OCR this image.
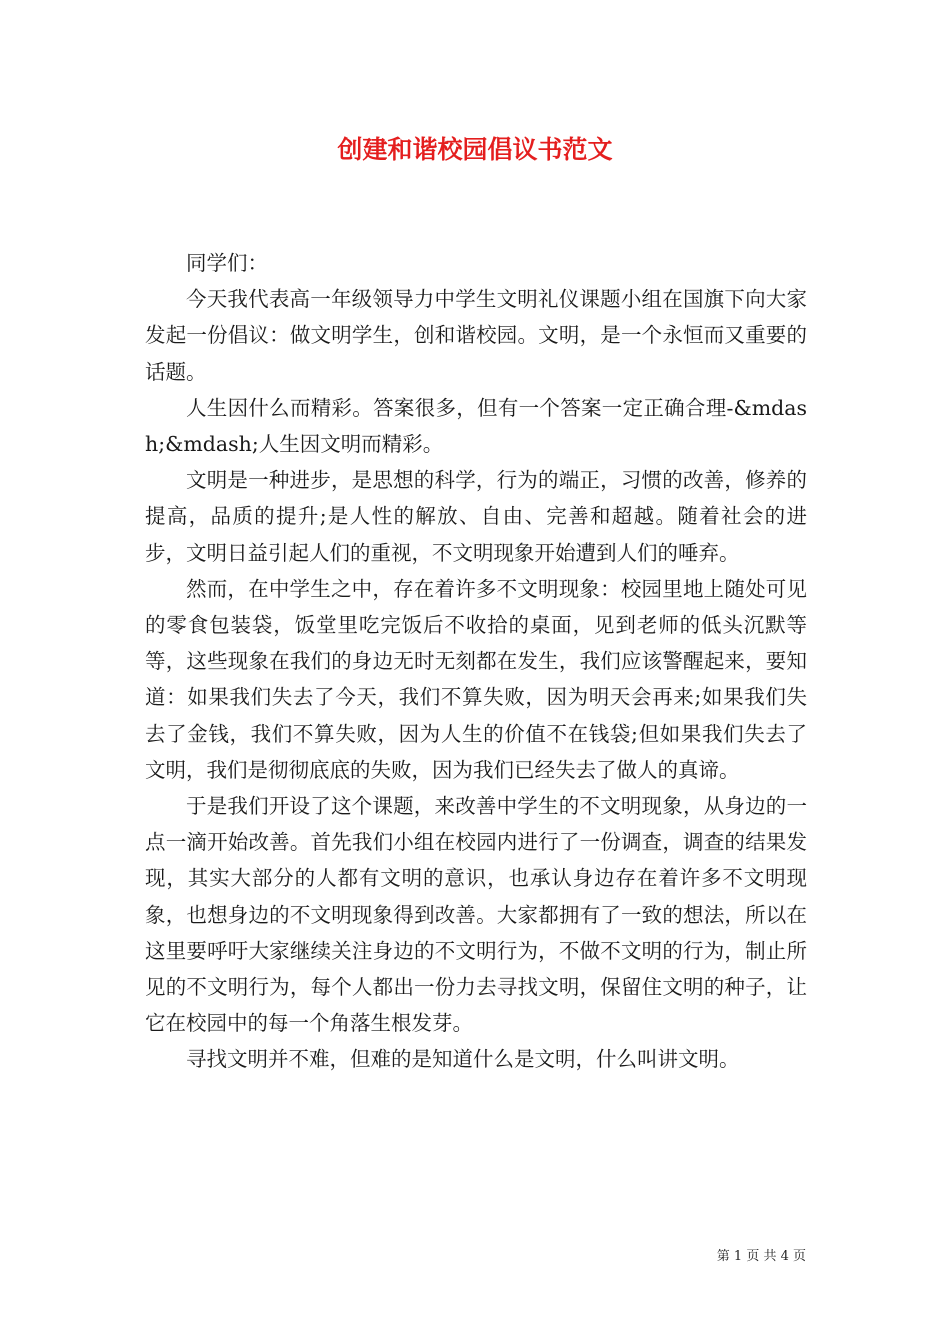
创建和谐校园倡议书范文

同学们：

今天我代表高一年级领导力中学生文明礼仪课题小组在国旗下向大家发起一份倡议：做文明学生，创和谐校园。文明，是一个永恒而又重要的话题。

人生因什么而精彩。答案很多，但有一个答案一定正确合理-&mdash;&mdash;人生因文明而精彩。

文明是一种进步，是思想的科学，行为的端正，习惯的改善，修养的提高，品质的提升;是人性的解放、自由、完善和超越。随着社会的进步，文明日益引起人们的重视，不文明现象开始遭到人们的唾弃。

然而，在中学生之中，存在着许多不文明现象：校园里地上随处可见的零食包装袋，饭堂里吃完饭后不收拾的桌面，见到老师的低头沉默等等，这些现象在我们的身边无时无刻都在发生，我们应该警醒起来，要知道：如果我们失去了今天，我们不算失败，因为明天会再来;如果我们失去了金钱，我们不算失败，因为人生的价值不在钱袋;但如果我们失去了文明，我们是彻彻底底的失败，因为我们已经失去了做人的真谛。

于是我们开设了这个课题，来改善中学生的不文明现象，从身边的一点一滴开始改善。首先我们小组在校园内进行了一份调查，调查的结果发现，其实大部分的人都有文明的意识，也承认身边存在着许多不文明现象，也想身边的不文明现象得到改善。大家都拥有了一致的想法，所以在这里要呼吁大家继续关注身边的不文明行为，不做不文明的行为，制止所见的不文明行为，每个人都出一份力去寻找文明，保留住文明的种子，让它在校园中的每一个角落生根发芽。

寻找文明并不难，但难的是知道什么是文明，什么叫讲文明。

第 1 页 共 4 页
